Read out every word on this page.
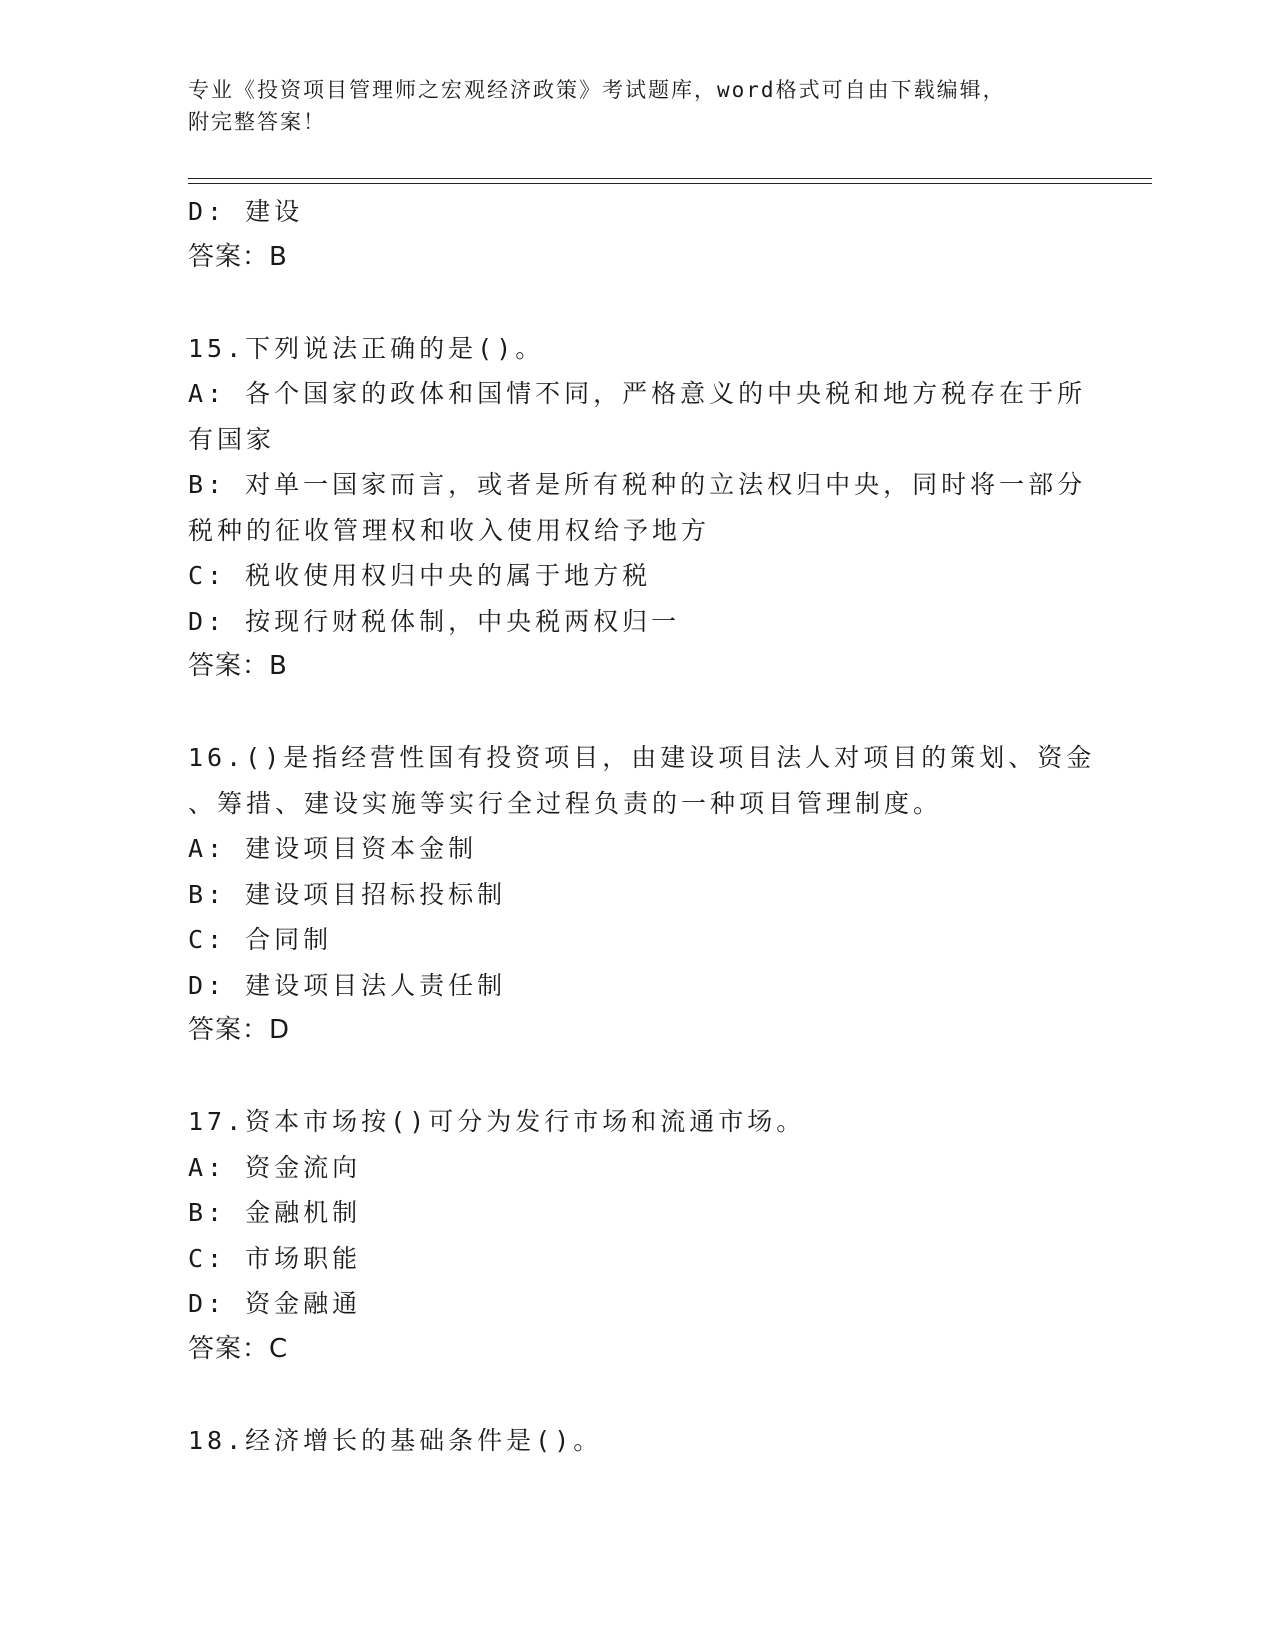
专业《投资项目管理师之宏观经济政策》考试题库，word格式可自由下载编辑，
附完整答案！
D: 建设
答案：B
15.下列说法正确的是()。
A: 各个国家的政体和国情不同，严格意义的中央税和地方税存在于所
有国家
B: 对单一国家而言，或者是所有税种的立法权归中央，同时将一部分
税种的征收管理权和收入使用权给予地方
C: 税收使用权归中央的属于地方税
D: 按现行财税体制，中央税两权归一
答案：B
16.()是指经营性国有投资项目，由建设项目法人对项目的策划、资金
、筹措、建设实施等实行全过程负责的一种项目管理制度。
A: 建设项目资本金制
B: 建设项目招标投标制
C: 合同制
D: 建设项目法人责任制
答案：D
17.资本市场按()可分为发行市场和流通市场。
A: 资金流向
B: 金融机制
C: 市场职能
D: 资金融通
答案：C
18.经济增长的基础条件是()。
